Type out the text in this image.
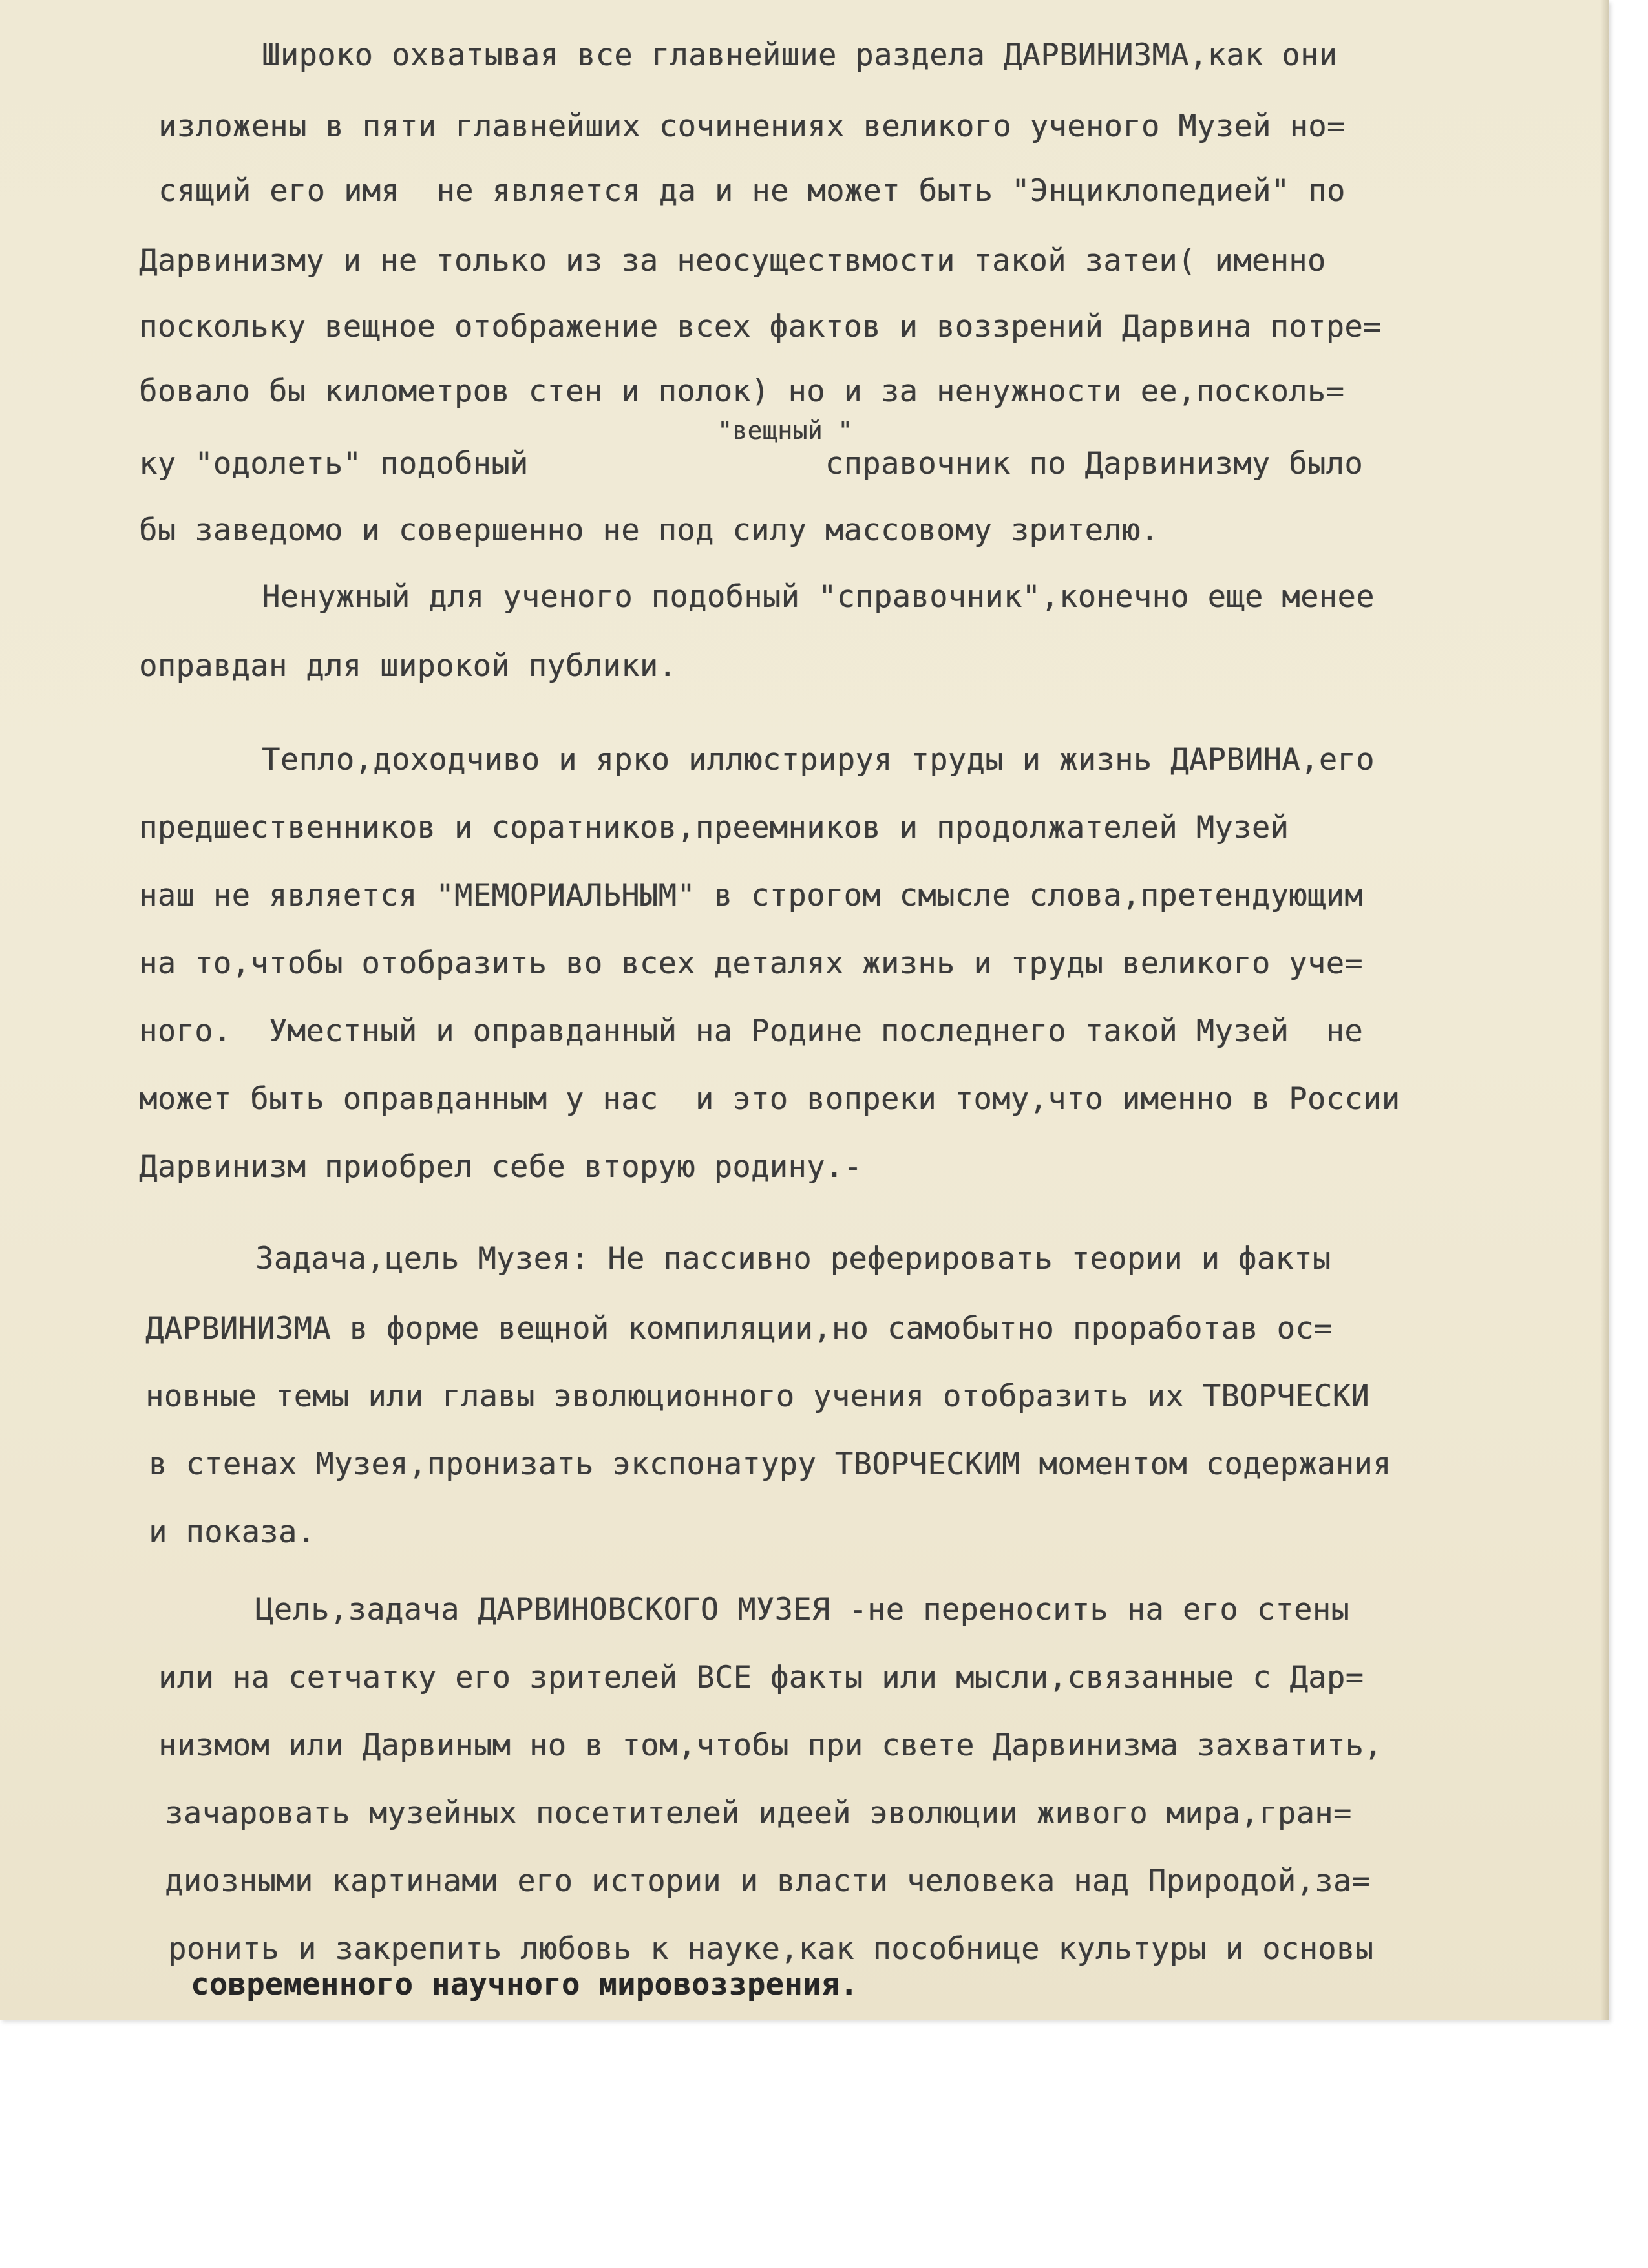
Широко охватывая все главнейшие раздела ДАРВИНИЗМА,как они
изложены в пяти главнейших сочинениях великого ученого Музей но=
сящий его имя  не является да и не может быть "Энциклопедией" по
Дарвинизму и не только из за неосуществмости такой затеи( именно
поскольку вещное отображение всех фактов и воззрений Дарвина потре=
бовало бы километров стен и полок) но и за ненужности ее,посколь=
"вещный "
ку "одолеть" подобный                справочник по Дарвинизму было
бы заведомо и совершенно не под силу массовому зрителю.
Ненужный для ученого подобный "справочник",конечно еще менее
оправдан для широкой публики.
Тепло,доходчиво и ярко иллюстрируя труды и жизнь ДАРВИНА,его
предшественников и соратников,преемников и продолжателей Музей
наш не является "МЕМОРИАЛЬНЫМ" в строгом смысле слова,претендующим
на то,чтобы отобразить во всех деталях жизнь и труды великого уче=
ного.  Уместный и оправданный на Родине последнего такой Музей  не
может быть оправданным у нас  и это вопреки тому,что именно в России
Дарвинизм приобрел себе вторую родину.-
Задача,цель Музея: Не пассивно реферировать теории и факты
ДАРВИНИЗМА в форме вещной компиляции,но самобытно проработав ос=
новные темы или главы эволюционного учения отобразить их ТВОРЧЕСКИ
в стенах Музея,пронизать экспонатуру ТВОРЧЕСКИМ моментом содержания
и показа.
Цель,задача ДАРВИНОВСКОГО МУЗЕЯ -не переносить на его стены
или на сетчатку его зрителей ВСЕ факты или мысли,связанные с Дар=
низмом или Дарвиным но в том,чтобы при свете Дарвинизма захватить,
зачаровать музейных посетителей идеей эволюции живого мира,гран=
диозными картинами его истории и власти человека над Природой,за=
ронить и закрепить любовь к науке,как пособнице культуры и основы
современного научного мировоззрения.
